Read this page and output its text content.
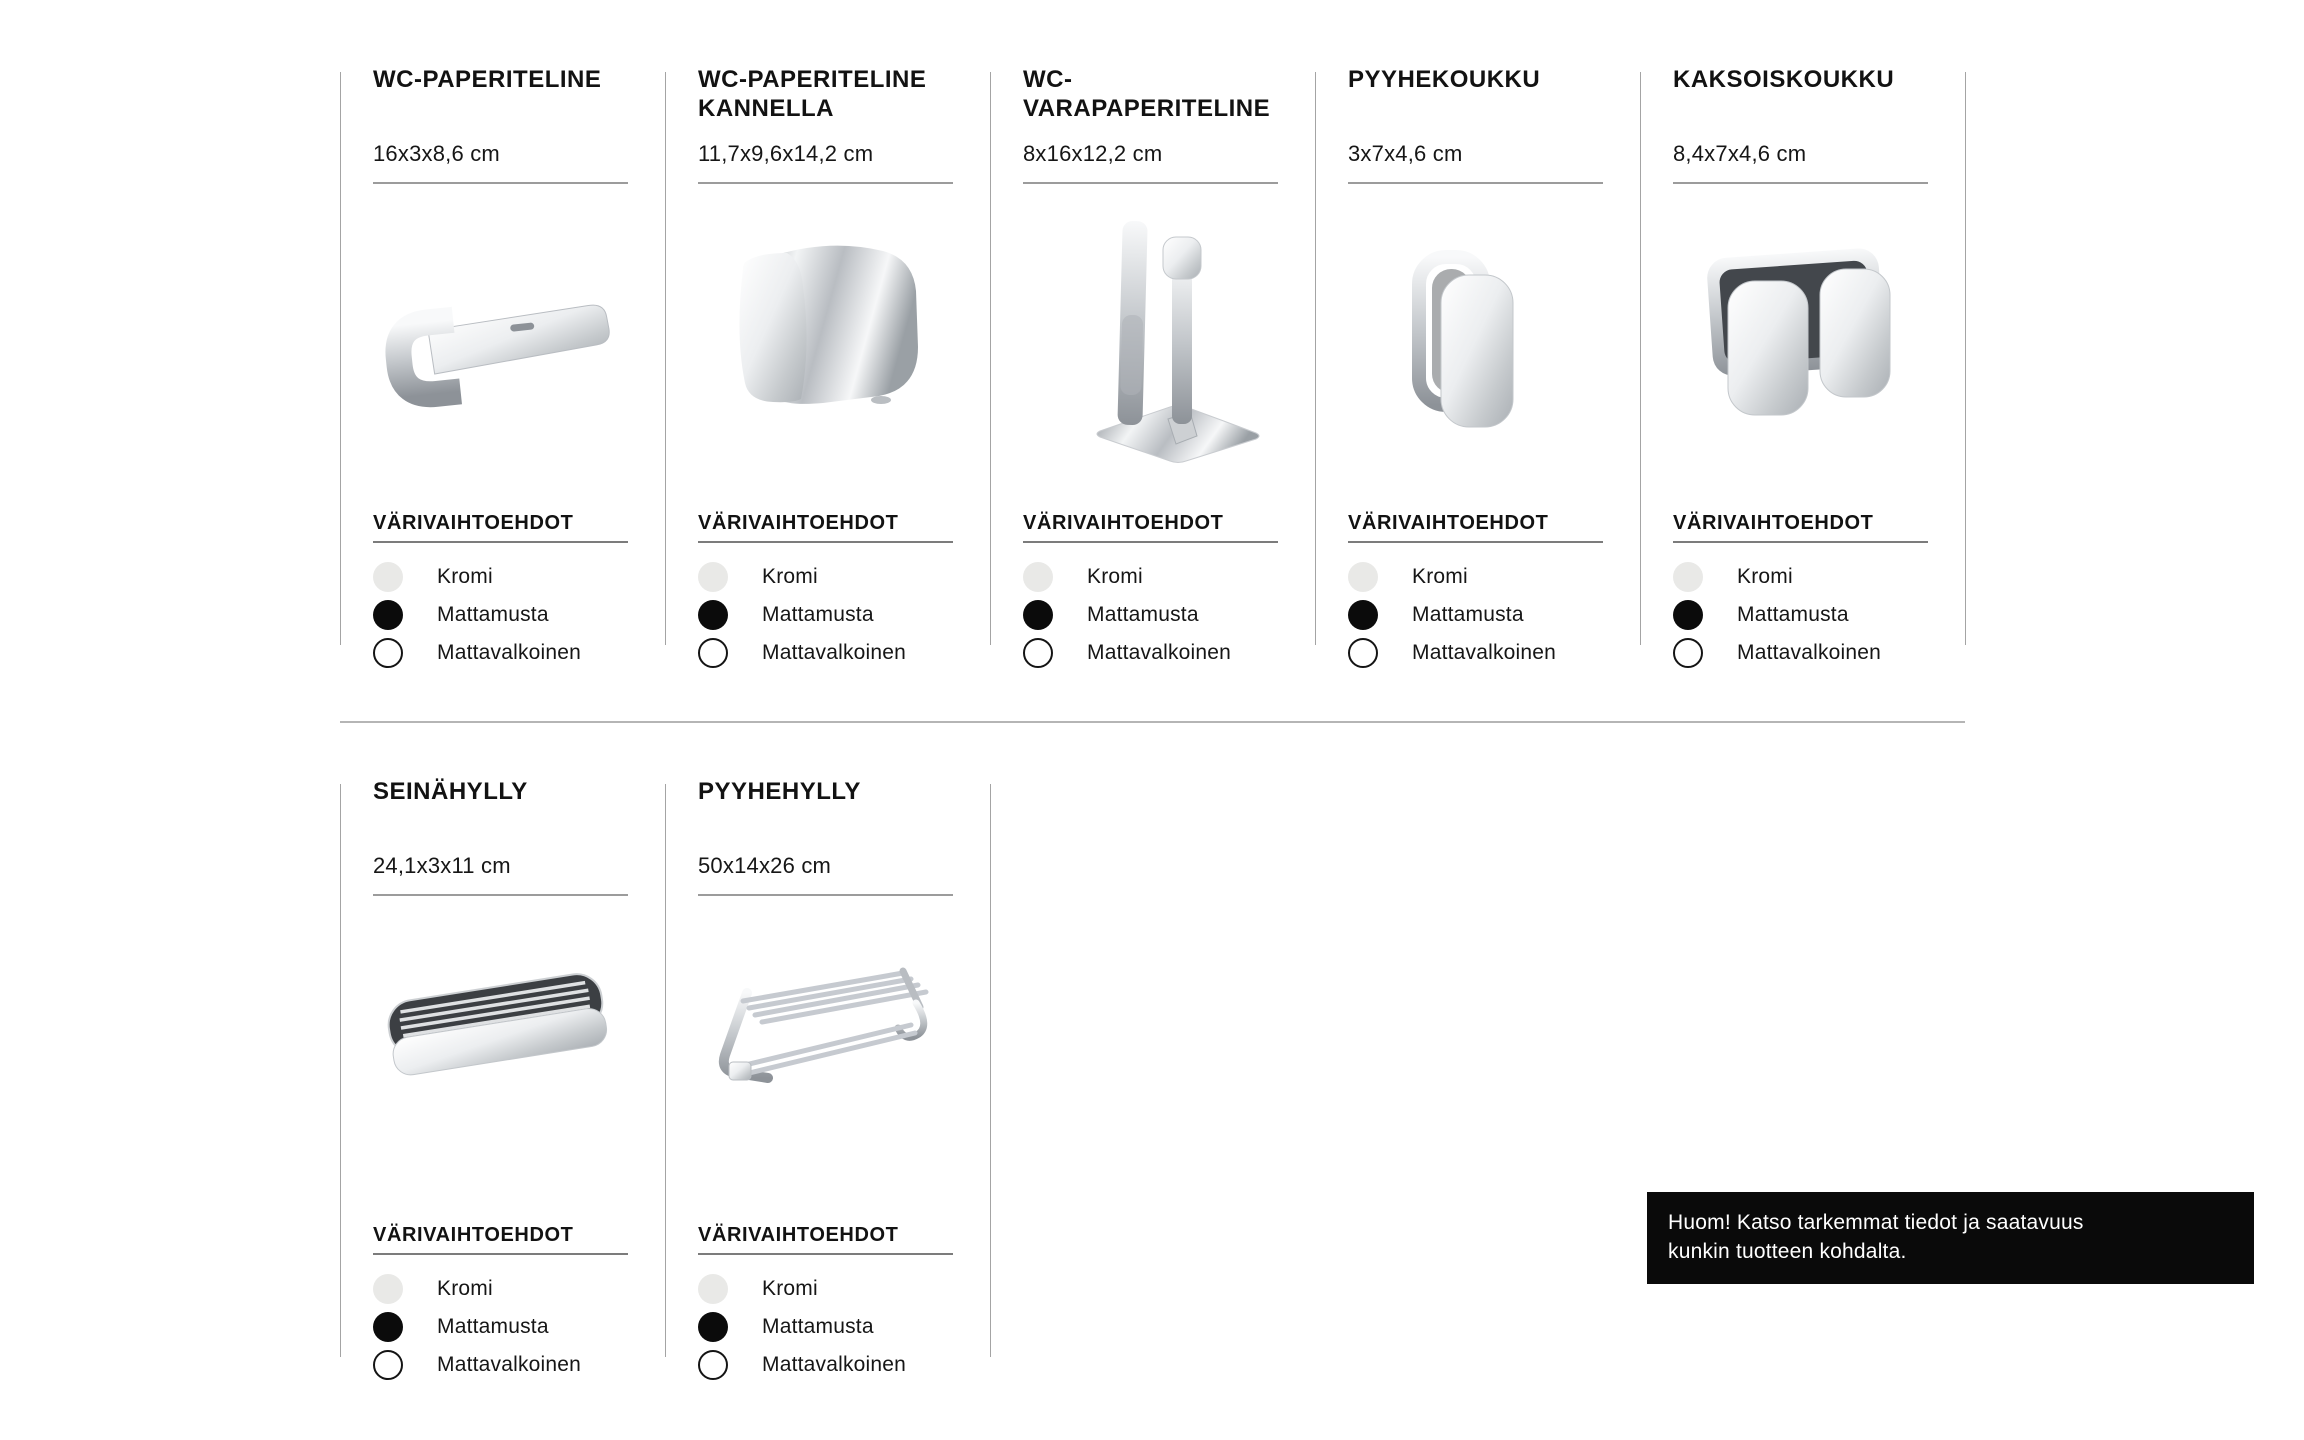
WC-PAPERITELINE

16x3x8,6 cm

VÄRIVAIHTOEHDOT
Kromi
Mattamusta
Mattavalkoinen
WC-PAPERITELINE KANNELLA

11,7x9,6x14,2 cm

VÄRIVAIHTOEHDOT
Kromi
Mattamusta
Mattavalkoinen
WC-VARAPAPERITELINE

8x16x12,2 cm

VÄRIVAIHTOEHDOT
Kromi
Mattamusta
Mattavalkoinen
PYYHEKOUKKU

3x7x4,6 cm

VÄRIVAIHTOEHDOT
Kromi
Mattamusta
Mattavalkoinen
KAKSOISKOUKKU

8,4x7x4,6 cm

VÄRIVAIHTOEHDOT
Kromi
Mattamusta
Mattavalkoinen
SEINÄHYLLY

24,1x3x11 cm

VÄRIVAIHTOEHDOT
Kromi
Mattamusta
Mattavalkoinen
PYYHEHYLLY

50x14x26 cm

VÄRIVAIHTOEHDOT
Kromi
Mattamusta
Mattavalkoinen
Huom! Katso tarkemmat tiedot ja saatavuus
kunkin tuotteen kohdalta.
